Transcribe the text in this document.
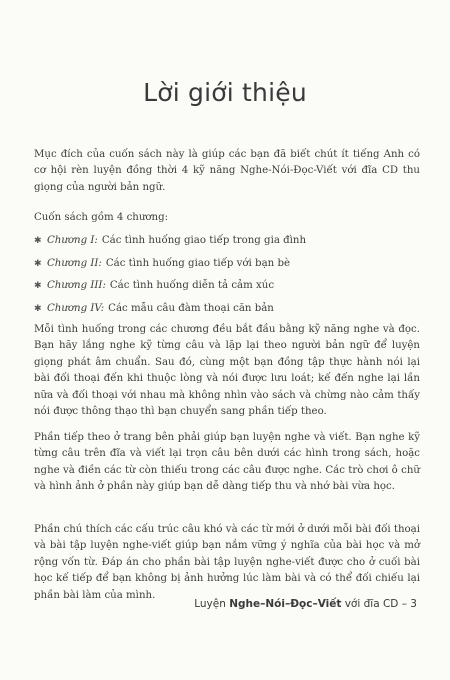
Lời giới thiệu

Mục đích của cuốn sách này là giúp các bạn đã biết chút ít tiếng Anh có cơ hội rèn luyện đồng thời 4 kỹ năng Nghe-Nói-Đọc-Viết với đĩa CD thu giọng của người bản ngữ.

Cuốn sách gồm 4 chương:
✱ Chương I: Các tình huống giao tiếp trong gia đình
✱ Chương II: Các tình huống giao tiếp với bạn bè
✱ Chương III: Các tình huống diễn tả cảm xúc
✱ Chương IV: Các mẫu câu đàm thoại căn bản

Mỗi tình huống trong các chương đều bắt đầu bằng kỹ năng nghe và đọc. Bạn hãy lắng nghe kỹ từng câu và lặp lại theo người bản ngữ để luyện giọng phát âm chuẩn. Sau đó, cùng một bạn đồng tập thực hành nói lại bài đối thoại đến khi thuộc lòng và nói được lưu loát; kế đến nghe lại lần nữa và đối thoại với nhau mà không nhìn vào sách và chừng nào cảm thấy nói được thông thạo thì bạn chuyển sang phần tiếp theo.

Phần tiếp theo ở trang bên phải giúp bạn luyện nghe và viết. Bạn nghe kỹ từng câu trên đĩa và viết lại trọn câu bên dưới các hình trong sách, hoặc nghe và điền các từ còn thiếu trong các câu được nghe. Các trò chơi ô chữ và hình ảnh ở phần này giúp bạn dễ dàng tiếp thu và nhớ bài vừa học.

Phần chú thích các cấu trúc câu khó và các từ mới ở dưới mỗi bài đối thoại và bài tập luyện nghe-viết giúp bạn nắm vững ý nghĩa của bài học và mở rộng vốn từ. Đáp án cho phần bài tập luyện nghe-viết được cho ở cuối bài học kế tiếp để bạn không bị ảnh hưởng lúc làm bài và có thể đối chiếu lại phần bài làm của mình.

Luyện Nghe–Nói–Đọc–Viết với đĩa CD – 3
